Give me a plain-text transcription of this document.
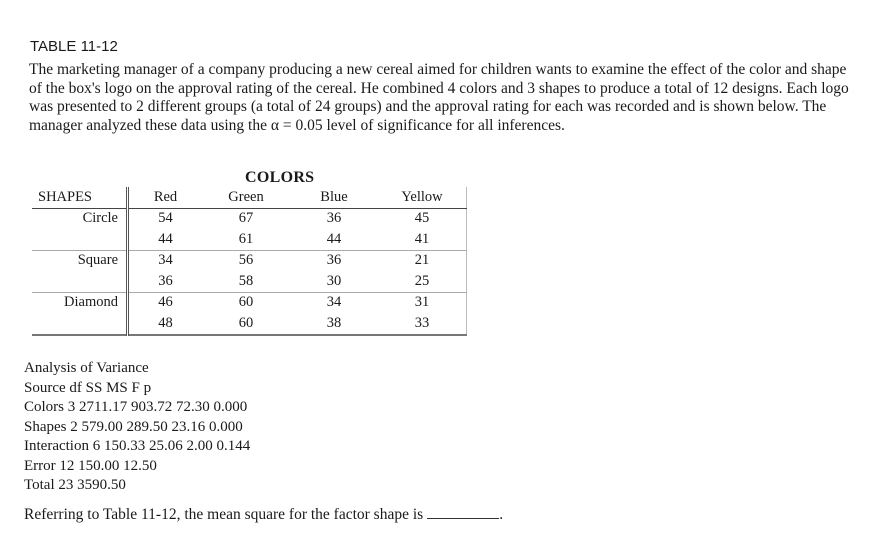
TABLE 11-12
The marketing manager of a company producing a new cereal aimed for children wants to examine the effect of the color and shape of the box's logo on the approval rating of the cereal. He combined 4 colors and 3 shapes to produce a total of 12 designs. Each logo was presented to 2 different groups (a total of 24 groups) and the approval rating for each was recorded and is shown below. The manager analyzed these data using the α = 0.05 level of significance for all inferences.
COLORS
SHAPES	Red	Green	Blue	Yellow
Circle	54	67	36	45
	44	61	44	41
Square	34	56	36	21
	36	58	30	25
Diamond	46	60	34	31
	48	60	38	33
Analysis of Variance
Source df SS MS F p
Colors 3 2711.17 903.72 72.30 0.000
Shapes 2 579.00 289.50 23.16 0.000
Interaction 6 150.33 25.06 2.00 0.144
Error 12 150.00 12.50
Total 23 3590.50
Referring to Table 11-12, the mean square for the factor shape is	.
